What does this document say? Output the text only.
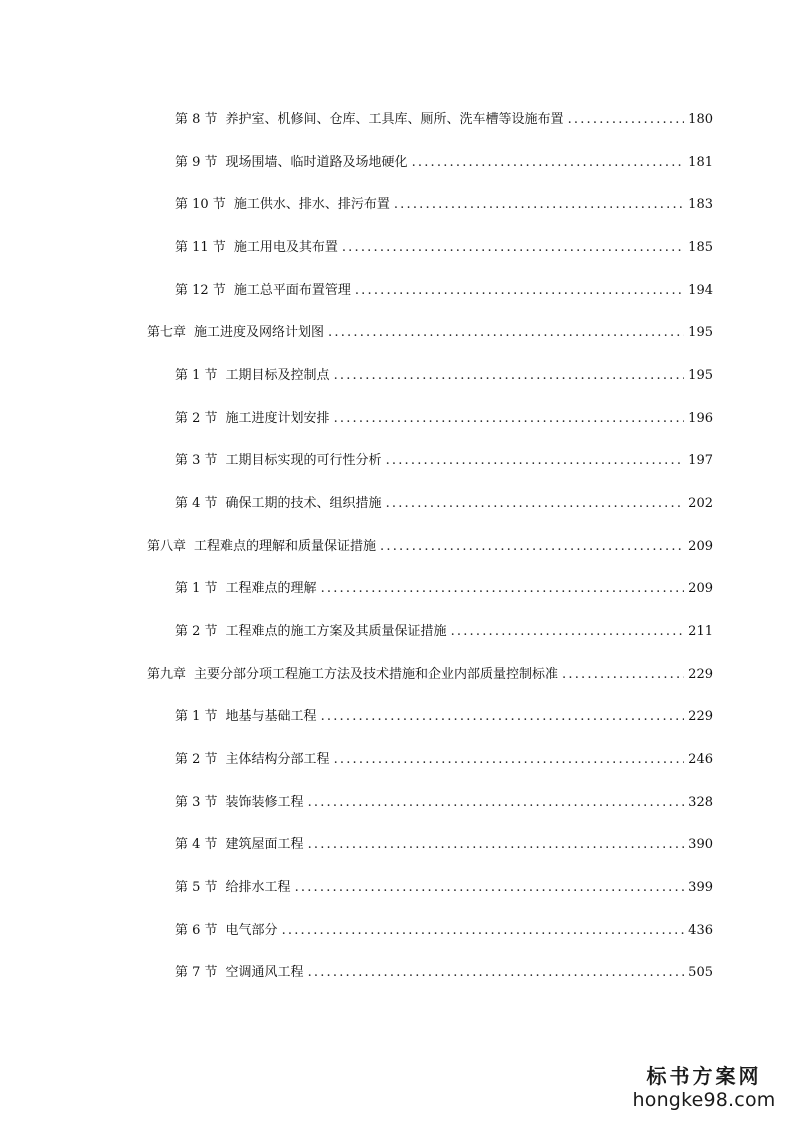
第 8 节 养护室、机修间、仓库、工具库、厕所、洗车槽等设施布置 .....	180
第 9 节 现场围墙、临时道路及场地硬化 .....	181
第 10 节 施工供水、排水、排污布置 .....	183
第 11 节 施工用电及其布置 .....	185
第 12 节 施工总平面布置管理 .....	194
第七章 施工进度及网络计划图 .....	195
第 1 节 工期目标及控制点 .....	195
第 2 节 施工进度计划安排 .....	196
第 3 节 工期目标实现的可行性分析 .....	197
第 4 节 确保工期的技术、组织措施 .....	202
第八章 工程难点的理解和质量保证措施 .....	209
第 1 节 工程难点的理解 .....	209
第 2 节 工程难点的施工方案及其质量保证措施 .....	211
第九章 主要分部分项工程施工方法及技术措施和企业内部质量控制标准 .....	229
第 1 节 地基与基础工程 .....	229
第 2 节 主体结构分部工程 .....	246
第 3 节 装饰装修工程 .....	328
第 4 节 建筑屋面工程 .....	390
第 5 节 给排水工程 .....	399
第 6 节 电气部分 .....	436
第 7 节 空调通风工程 .....	505
标书方案网
hongke98.com
